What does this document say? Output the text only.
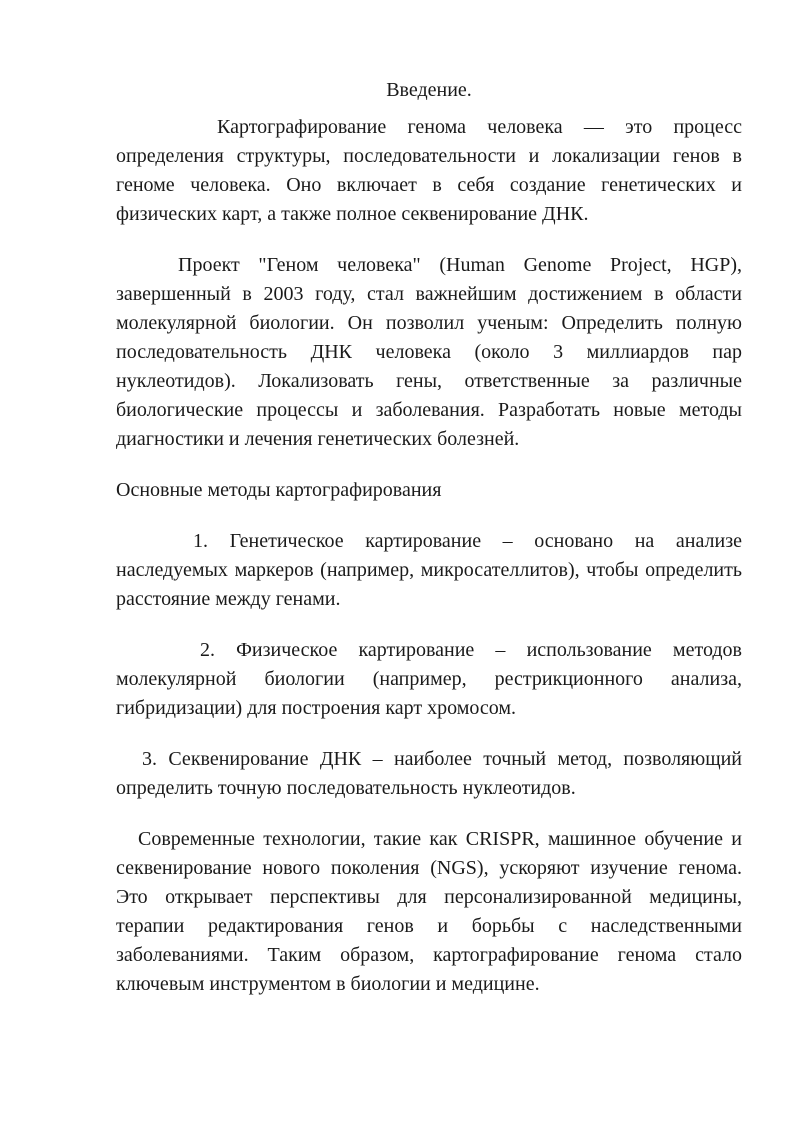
Введение.

Картографирование генома человека — это процесс определения структуры, последовательности и локализации генов в геноме человека. Оно включает в себя создание генетических и физических карт, а также полное секвенирование ДНК.

Проект "Геном человека" (Human Genome Project, HGP), завершенный в 2003 году, стал важнейшим достижением в области молекулярной биологии. Он позволил ученым: Определить полную последовательность ДНК человека (около 3 миллиардов пар нуклеотидов). Локализовать гены, ответственные за различные биологические процессы и заболевания. Разработать новые методы диагностики и лечения генетических болезней.

Основные методы картографирования

1. Генетическое картирование – основано на анализе наследуемых маркеров (например, микросателлитов), чтобы определить расстояние между генами.

2. Физическое картирование – использование методов молекулярной биологии (например, рестрикционного анализа, гибридизации) для построения карт хромосом.

3. Секвенирование ДНК – наиболее точный метод, позволяющий определить точную последовательность нуклеотидов.

Современные технологии, такие как CRISPR, машинное обучение и секвенирование нового поколения (NGS), ускоряют изучение генома. Это открывает перспективы для персонализированной медицины, терапии редактирования генов и борьбы с наследственными заболеваниями. Таким образом, картографирование генома стало ключевым инструментом в биологии и медицине.
